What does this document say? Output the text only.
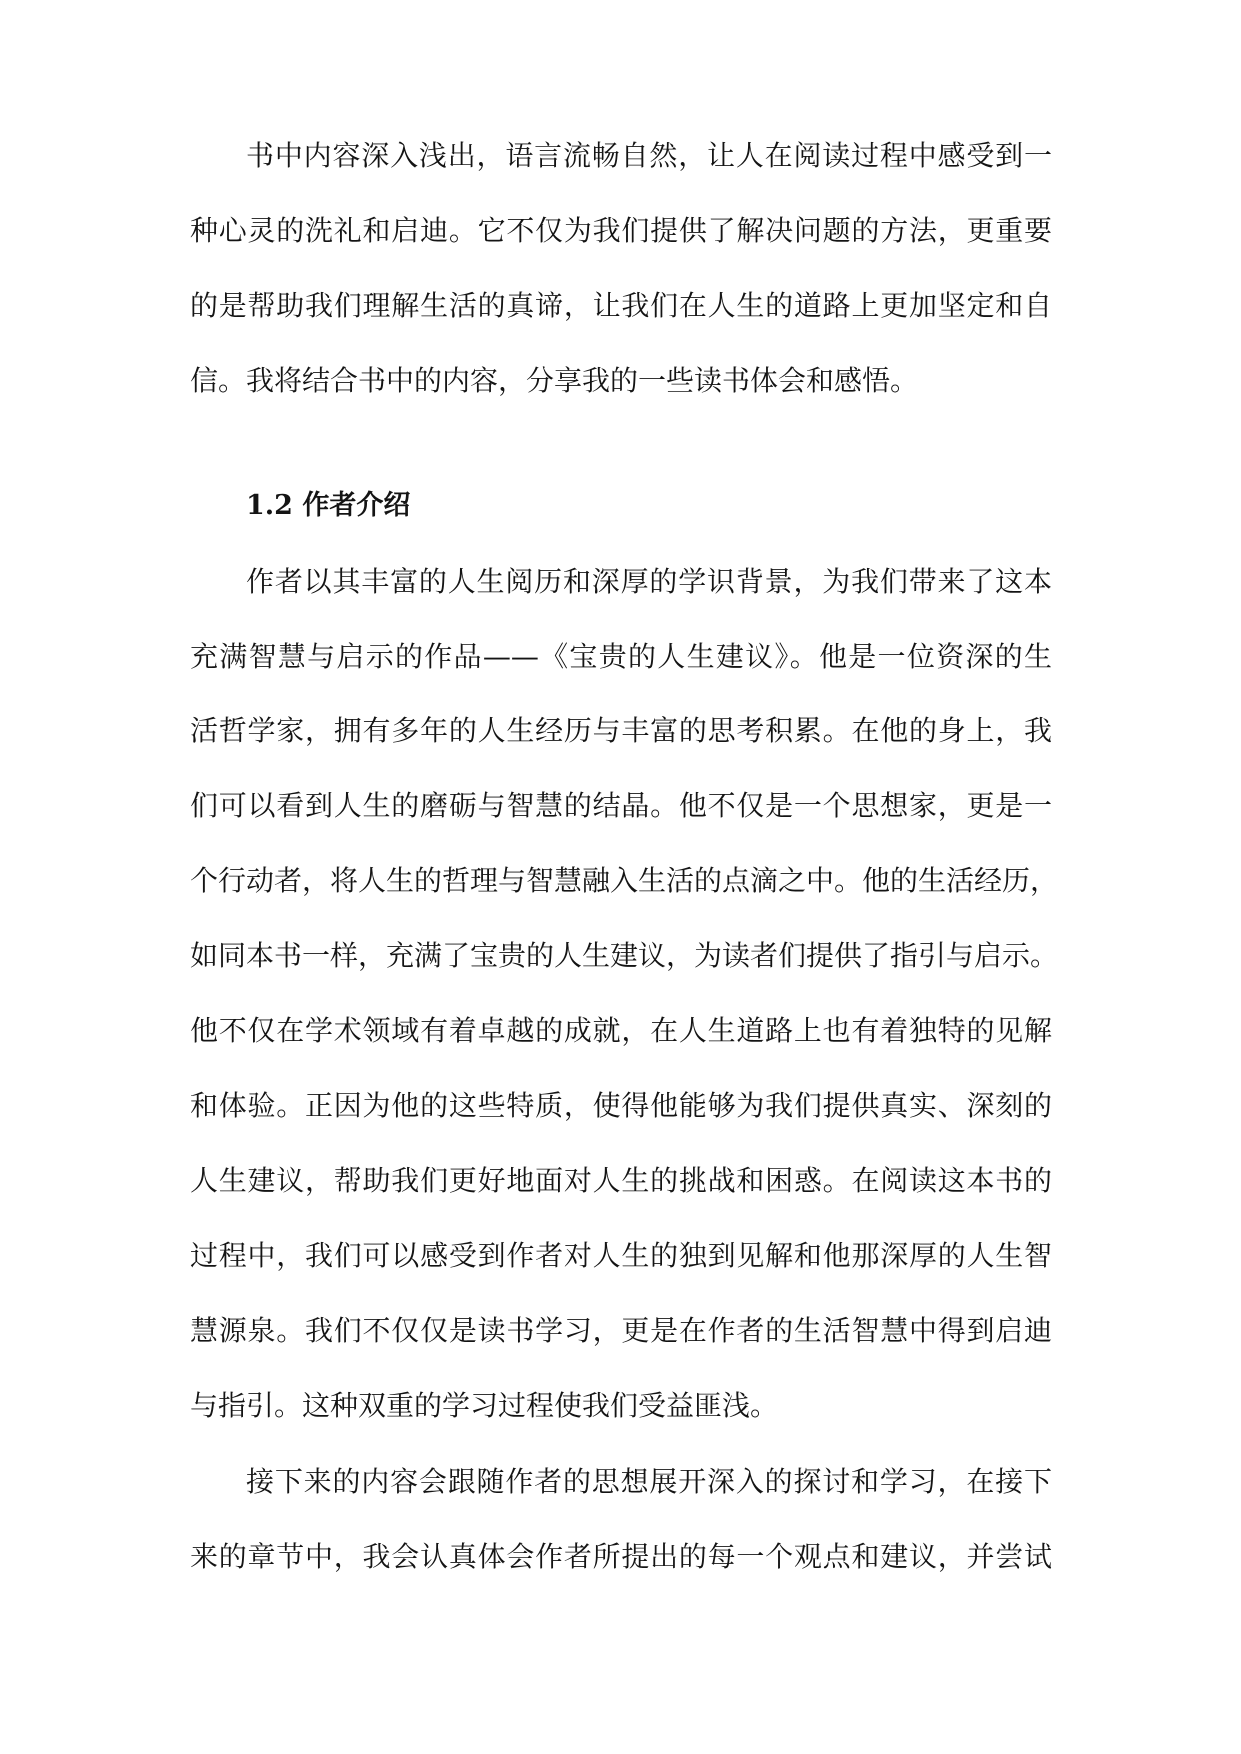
书中内容深入浅出，语言流畅自然，让人在阅读过程中感受到一
种心灵的洗礼和启迪。它不仅为我们提供了解决问题的方法，更重要
的是帮助我们理解生活的真谛，让我们在人生的道路上更加坚定和自
信。我将结合书中的内容，分享我的一些读书体会和感悟。
1.2 作者介绍
作者以其丰富的人生阅历和深厚的学识背景，为我们带来了这本
充满智慧与启示的作品——《宝贵的人生建议》。他是一位资深的生
活哲学家，拥有多年的人生经历与丰富的思考积累。在他的身上，我
们可以看到人生的磨砺与智慧的结晶。他不仅是一个思想家，更是一
个行动者，将人生的哲理与智慧融入生活的点滴之中。他的生活经历，
如同本书一样，充满了宝贵的人生建议，为读者们提供了指引与启示。
他不仅在学术领域有着卓越的成就，在人生道路上也有着独特的见解
和体验。正因为他的这些特质，使得他能够为我们提供真实、深刻的
人生建议，帮助我们更好地面对人生的挑战和困惑。在阅读这本书的
过程中，我们可以感受到作者对人生的独到见解和他那深厚的人生智
慧源泉。我们不仅仅是读书学习，更是在作者的生活智慧中得到启迪
与指引。这种双重的学习过程使我们受益匪浅。
接下来的内容会跟随作者的思想展开深入的探讨和学习，在接下
来的章节中，我会认真体会作者所提出的每一个观点和建议，并尝试
